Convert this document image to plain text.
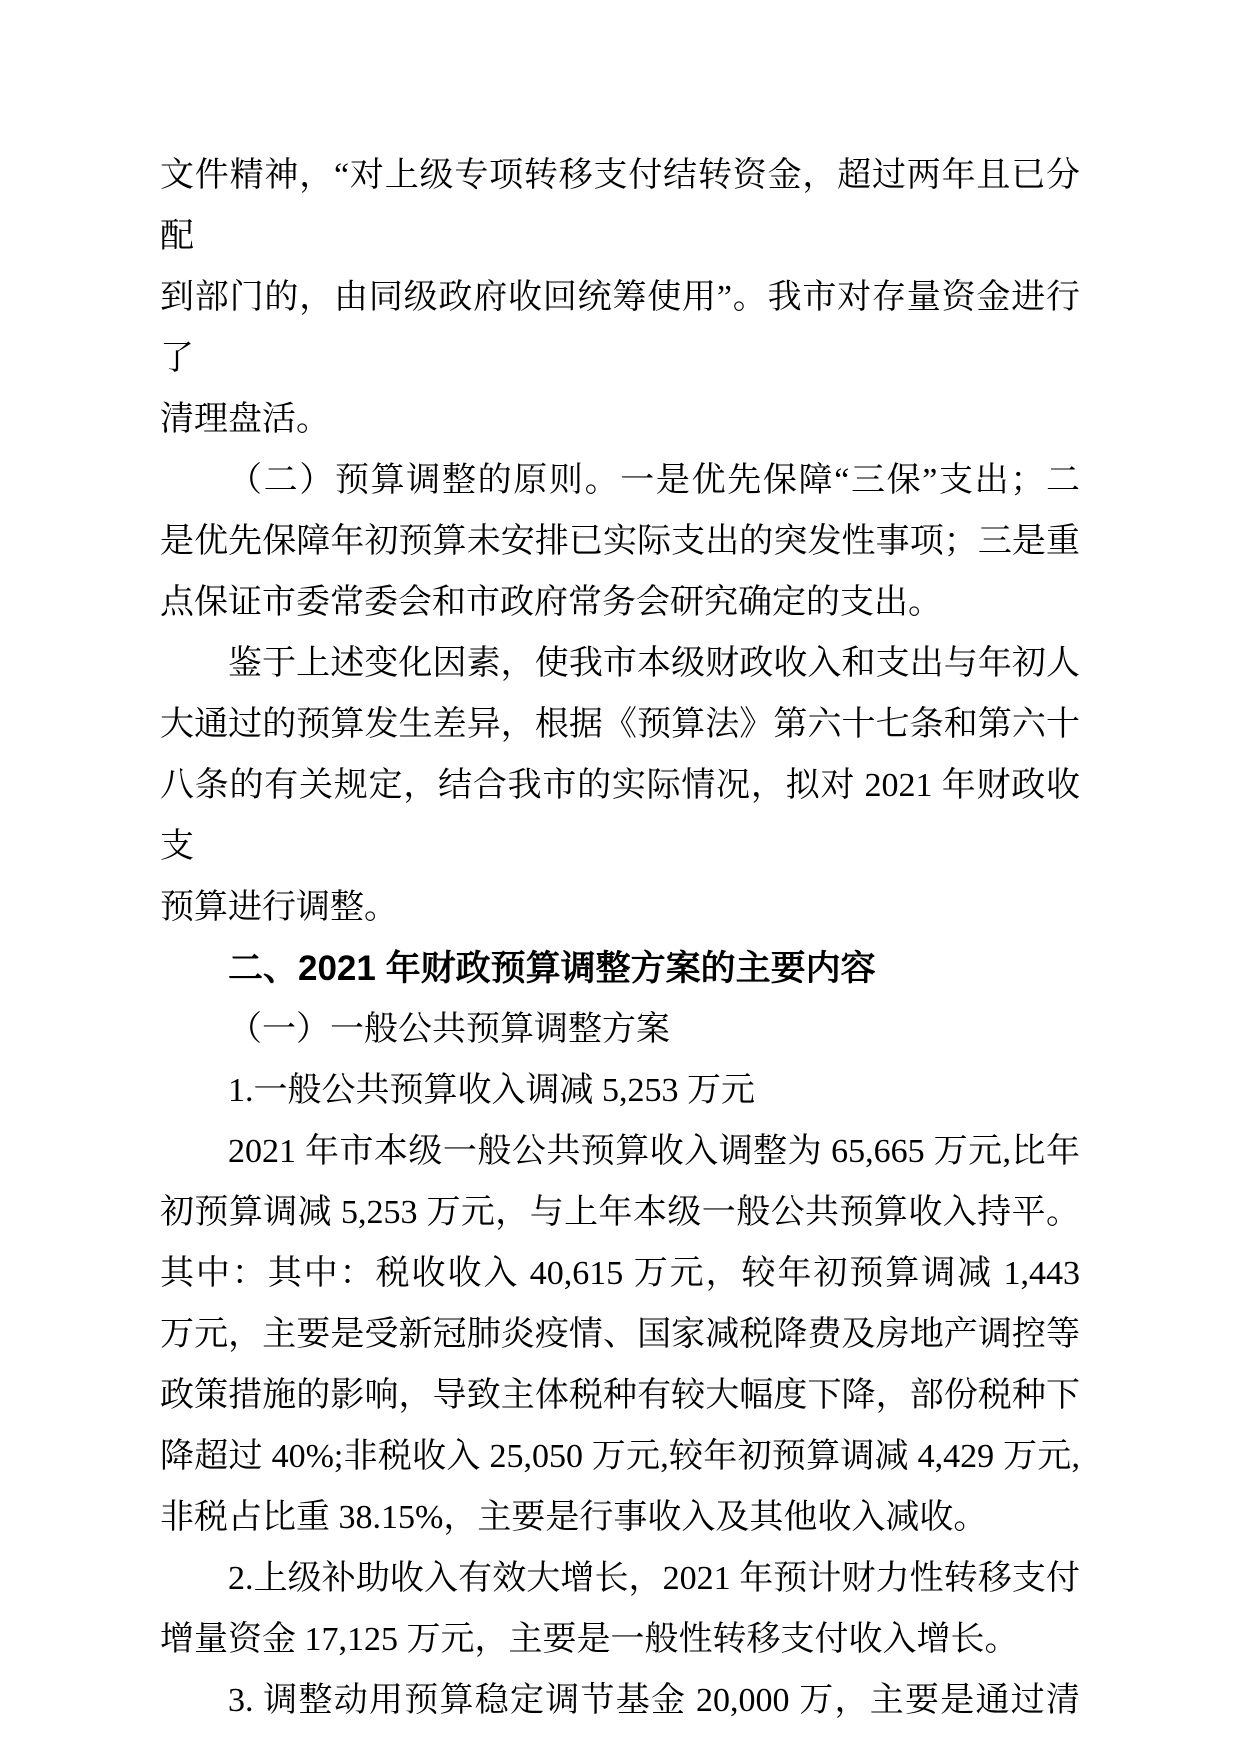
文件精神，“对上级专项转移支付结转资金，超过两年且已分配
到部门的，由同级政府收回统筹使用”。我市对存量资金进行了
清理盘活。
（二）预算调整的原则。一是优先保障“三保”支出；二
是优先保障年初预算未安排已实际支出的突发性事项；三是重
点保证市委常委会和市政府常务会研究确定的支出。
鉴于上述变化因素，使我市本级财政收入和支出与年初人
大通过的预算发生差异，根据《预算法》第六十七条和第六十
八条的有关规定，结合我市的实际情况，拟对 2021 年财政收支
预算进行调整。
二、2021 年财政预算调整方案的主要内容
（一）一般公共预算调整方案
1.一般公共预算收入调减 5,253 万元
2021 年市本级一般公共预算收入调整为 65,665 万元,比年
初预算调减 5,253 万元，与上年本级一般公共预算收入持平。
其中：其中：税收收入 40,615 万元，较年初预算调减 1,443
万元，主要是受新冠肺炎疫情、国家减税降费及房地产调控等
政策措施的影响，导致主体税种有较大幅度下降，部份税种下
降超过 40%;非税收入 25,050 万元,较年初预算调减 4,429 万元,
非税占比重 38.15%，主要是行事收入及其他收入减收。
2.上级补助收入有效大增长，2021 年预计财力性转移支付
增量资金 17,125 万元，主要是一般性转移支付收入增长。
3. 调整动用预算稳定调节基金 20,000 万，主要是通过清
